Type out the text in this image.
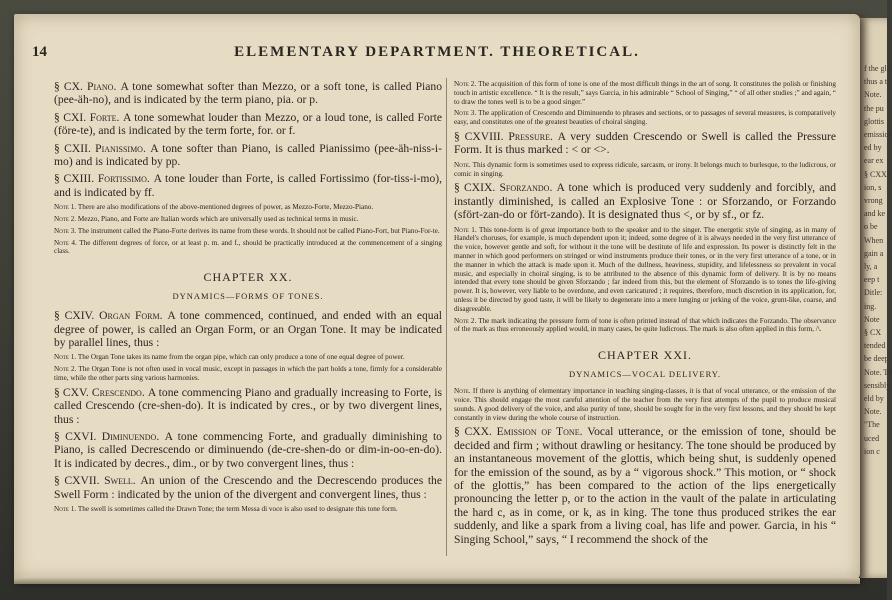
f the glo
thus a t
Note.
the pu
glottis
emission
ed by
ear ex
§ CXXI
ion, s
vrong
and ke
o be
When
gain a
ly, a
eep t
Ditle:
ing.
Note
§ CX
tended
be deep
Note. Th
sensibly
eld by
Note.
"The
uced
ion c
14	ELEMENTARY DEPARTMENT. THEORETICAL.

§ CX. Piano. A tone somewhat softer than Mezzo, or a soft tone, is called Piano (pee-äh-no), and is indicated by the term piano, pia. or p.

§ CXI. Forte. A tone somewhat louder than Mezzo, or a loud tone, is called Forte (före-te), and is indicated by the term forte, for. or f.

§ CXII. Pianissimo. A tone softer than Piano, is called Pianissimo (pee-äh-niss-i-mo) and is indicated by pp.

§ CXIII. Fortissimo. A tone louder than Forte, is called Fortissimo (for-tiss-i-mo), and is indicated by ff.

Note 1. There are also modifications of the above-mentioned degrees of power, as Mezzo-Forte, Mezzo-Piano.

Note 2. Mezzo, Piano, and Forte are Italian words which are universally used as technical terms in music.

Note 3. The instrument called the Piano-Forte derives its name from these words. It should not be called Piano-Fort, but Piano-For-te.

Note 4. The different degrees of force, or at least p. m. and f., should be practically introduced at the commencement of a singing class.

CHAPTER XX.
DYNAMICS—FORMS OF TONES.

§ CXIV. Organ Form. A tone commenced, continued, and ended with an equal degree of power, is called an Organ Form, or an Organ Tone. It may be indicated by parallel lines, thus :

Note 1. The Organ Tone takes its name from the organ pipe, which can only produce a tone of one equal degree of power.

Note 2. The Organ Tone is not often used in vocal music, except in passages in which the part holds a tone, firmly for a considerable time, while the other parts sing various harmonies.

§ CXV. Crescendo. A tone commencing Piano and gradually increasing to Forte, is called Crescendo (cre-shen-do). It is indicated by cres., or by two divergent lines, thus :

§ CXVI. Diminuendo. A tone commencing Forte, and gradually diminishing to Piano, is called Decrescendo or diminuendo (de-cre-shen-do or dim-in-oo-en-do). It is indicated by decres., dim., or by two convergent lines, thus :

§ CXVII. Swell. An union of the Crescendo and the Decrescendo produces the Swell Form : indicated by the union of the divergent and convergent lines, thus :

Note 1. The swell is sometimes called the Drawn Tone; the term Messa di voce is also used to designate this tone form.

Note 2. The acquisition of this form of tone is one of the most difficult things in the art of song. It constitutes the polish or finishing touch in artistic excellence. “ It is the result,” says Garcia, in his admirable “ School of Singing,” “ of all other studies ;” and again, “ to draw the tones well is to be a good singer.”

Note 3. The application of Crescendo and Diminuendo to phrases and sections, or to passages of several measures, is comparatively easy, and constitutes one of the greatest beauties of choiral singing.

§ CXVIII. Pressure. A very sudden Crescendo or Swell is called the Pressure Form. It is thus marked : < or <>.

Note. This dynamic form is sometimes used to express ridicule, sarcasm, or irony. It belongs much to burlesque, to the ludicrous, or comic in singing.

§ CXIX. Sforzando. A tone which is produced very suddenly and forcibly, and instantly diminished, is called an Explosive Tone : or Sforzando, or Forzando (sfört-zan-do or fört-zando). It is designated thus <, or by sf., or fz.

Note 1. This tone-form is of great importance both to the speaker and to the singer. The energetic style of singing, as in many of Handel's choruses, for example, is much dependent upon it; indeed, some degree of it is always needed in the very first utterance of the voice, however gentle and soft, for without it the tone will be destitute of life and expression. Its power is distinctly felt in the manner in which good performers on stringed or wind instruments produce their tones, or in the very first utterance of a tone, or in the manner in which the attack is made upon it. Much of the dullness, heaviness, stupidity, and lifelessness so prevalent in vocal music, and especially in choiral singing, is to be attributed to the absence of this dynamic form of delivery. It is by no means intended that every tone should be given Sforzando ; far indeed from this, but the element of Sforzando is to tones the life-giving power. It is, however, very liable to be overdone, and even caricatured ; it requires, therefore, much discretion in its application, for, unless it be directed by good taste, it will be likely to degenerate into a mere lunging or jerking of the voice, grunt-like, coarse, and disagreeable.

Note 2. The mark indicating the pressure form of tone is often printed instead of that which indicates the Forzando. The observance of the mark as thus erroneously applied would, in many cases, be quite ludicrous. The mark is also often applied in this form, /\.

CHAPTER XXI.
DYNAMICS—VOCAL DELIVERY.

Note. If there is anything of elementary importance in teaching singing-classes, it is that of vocal utterance, or the emission of the voice. This should engage the most careful attention of the teacher from the very first attempts of the pupil to produce musical sounds. A good delivery of the voice, and also purity of tone, should be sought for in the very first lessons, and they should be kept constantly in view during the whole course of instruction.

§ CXX. Emission of Tone. Vocal utterance, or the emission of tone, should be decided and firm ; without drawling or hesitancy. The tone should be produced by an instantaneous movement of the glottis, which being shut, is suddenly opened for the emission of the sound, as by a “ vigorous shock.” This motion, or “ shock of the glottis,” has been compared to the action of the lips energetically pronouncing the letter p, or to the action in the vault of the palate in articulating the hard c, as in come, or k, as in king. The tone thus produced strikes the ear suddenly, and like a spark from a living coal, has life and power. Garcia, in his “ Singing School,” says, “ I recommend the shock of the
